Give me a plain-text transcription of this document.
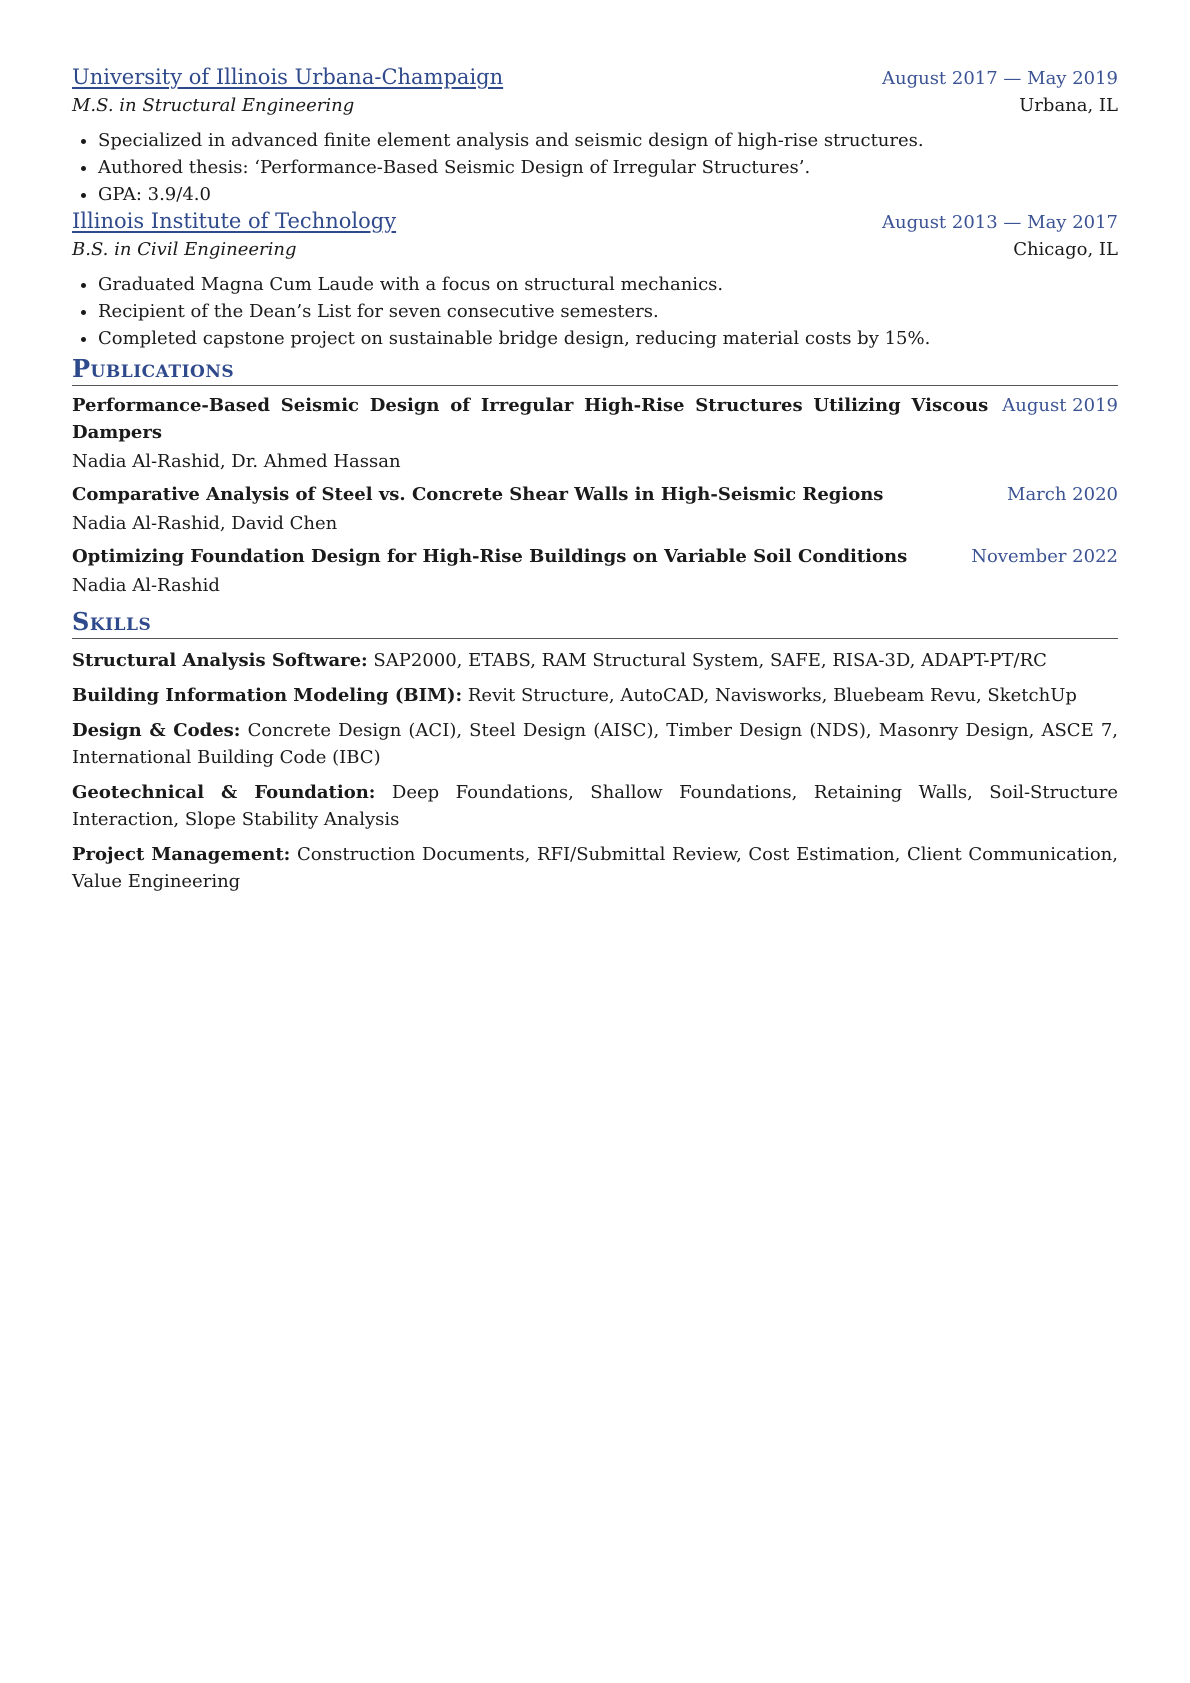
University of Illinois Urbana-Champaign	August 2017 — May 2019
M.S. in Structural Engineering	Urbana, IL
• Specialized in advanced finite element analysis and seismic design of high-rise structures.
• Authored thesis: ‘Performance-Based Seismic Design of Irregular Structures’.
• GPA: 3.9/4.0
Illinois Institute of Technology	August 2013 — May 2017
B.S. in Civil Engineering	Chicago, IL
• Graduated Magna Cum Laude with a focus on structural mechanics.
• Recipient of the Dean’s List for seven consecutive semesters.
• Completed capstone project on sustainable bridge design, reducing material costs by 15%.
Publications
Performance-Based Seismic Design of Irregular High-Rise Structures Utilizing Viscous Dampers
August 2019
Nadia Al-Rashid, Dr. Ahmed Hassan
Comparative Analysis of Steel vs. Concrete Shear Walls in High-Seismic Regions	March 2020
Nadia Al-Rashid, David Chen
Optimizing Foundation Design for High-Rise Buildings on Variable Soil Conditions	November 2022
Nadia Al-Rashid
Skills
Structural Analysis Software: SAP2000, ETABS, RAM Structural System, SAFE, RISA-3D, ADAPT-PT/RC
Building Information Modeling (BIM): Revit Structure, AutoCAD, Navisworks, Bluebeam Revu, SketchUp
Design & Codes: Concrete Design (ACI), Steel Design (AISC), Timber Design (NDS), Masonry Design, ASCE 7, International Building Code (IBC)
Geotechnical & Foundation: Deep Foundations, Shallow Foundations, Retaining Walls, Soil-Structure Interaction, Slope Stability Analysis
Project Management: Construction Documents, RFI/Submittal Review, Cost Estimation, Client Communication, Value Engineering
